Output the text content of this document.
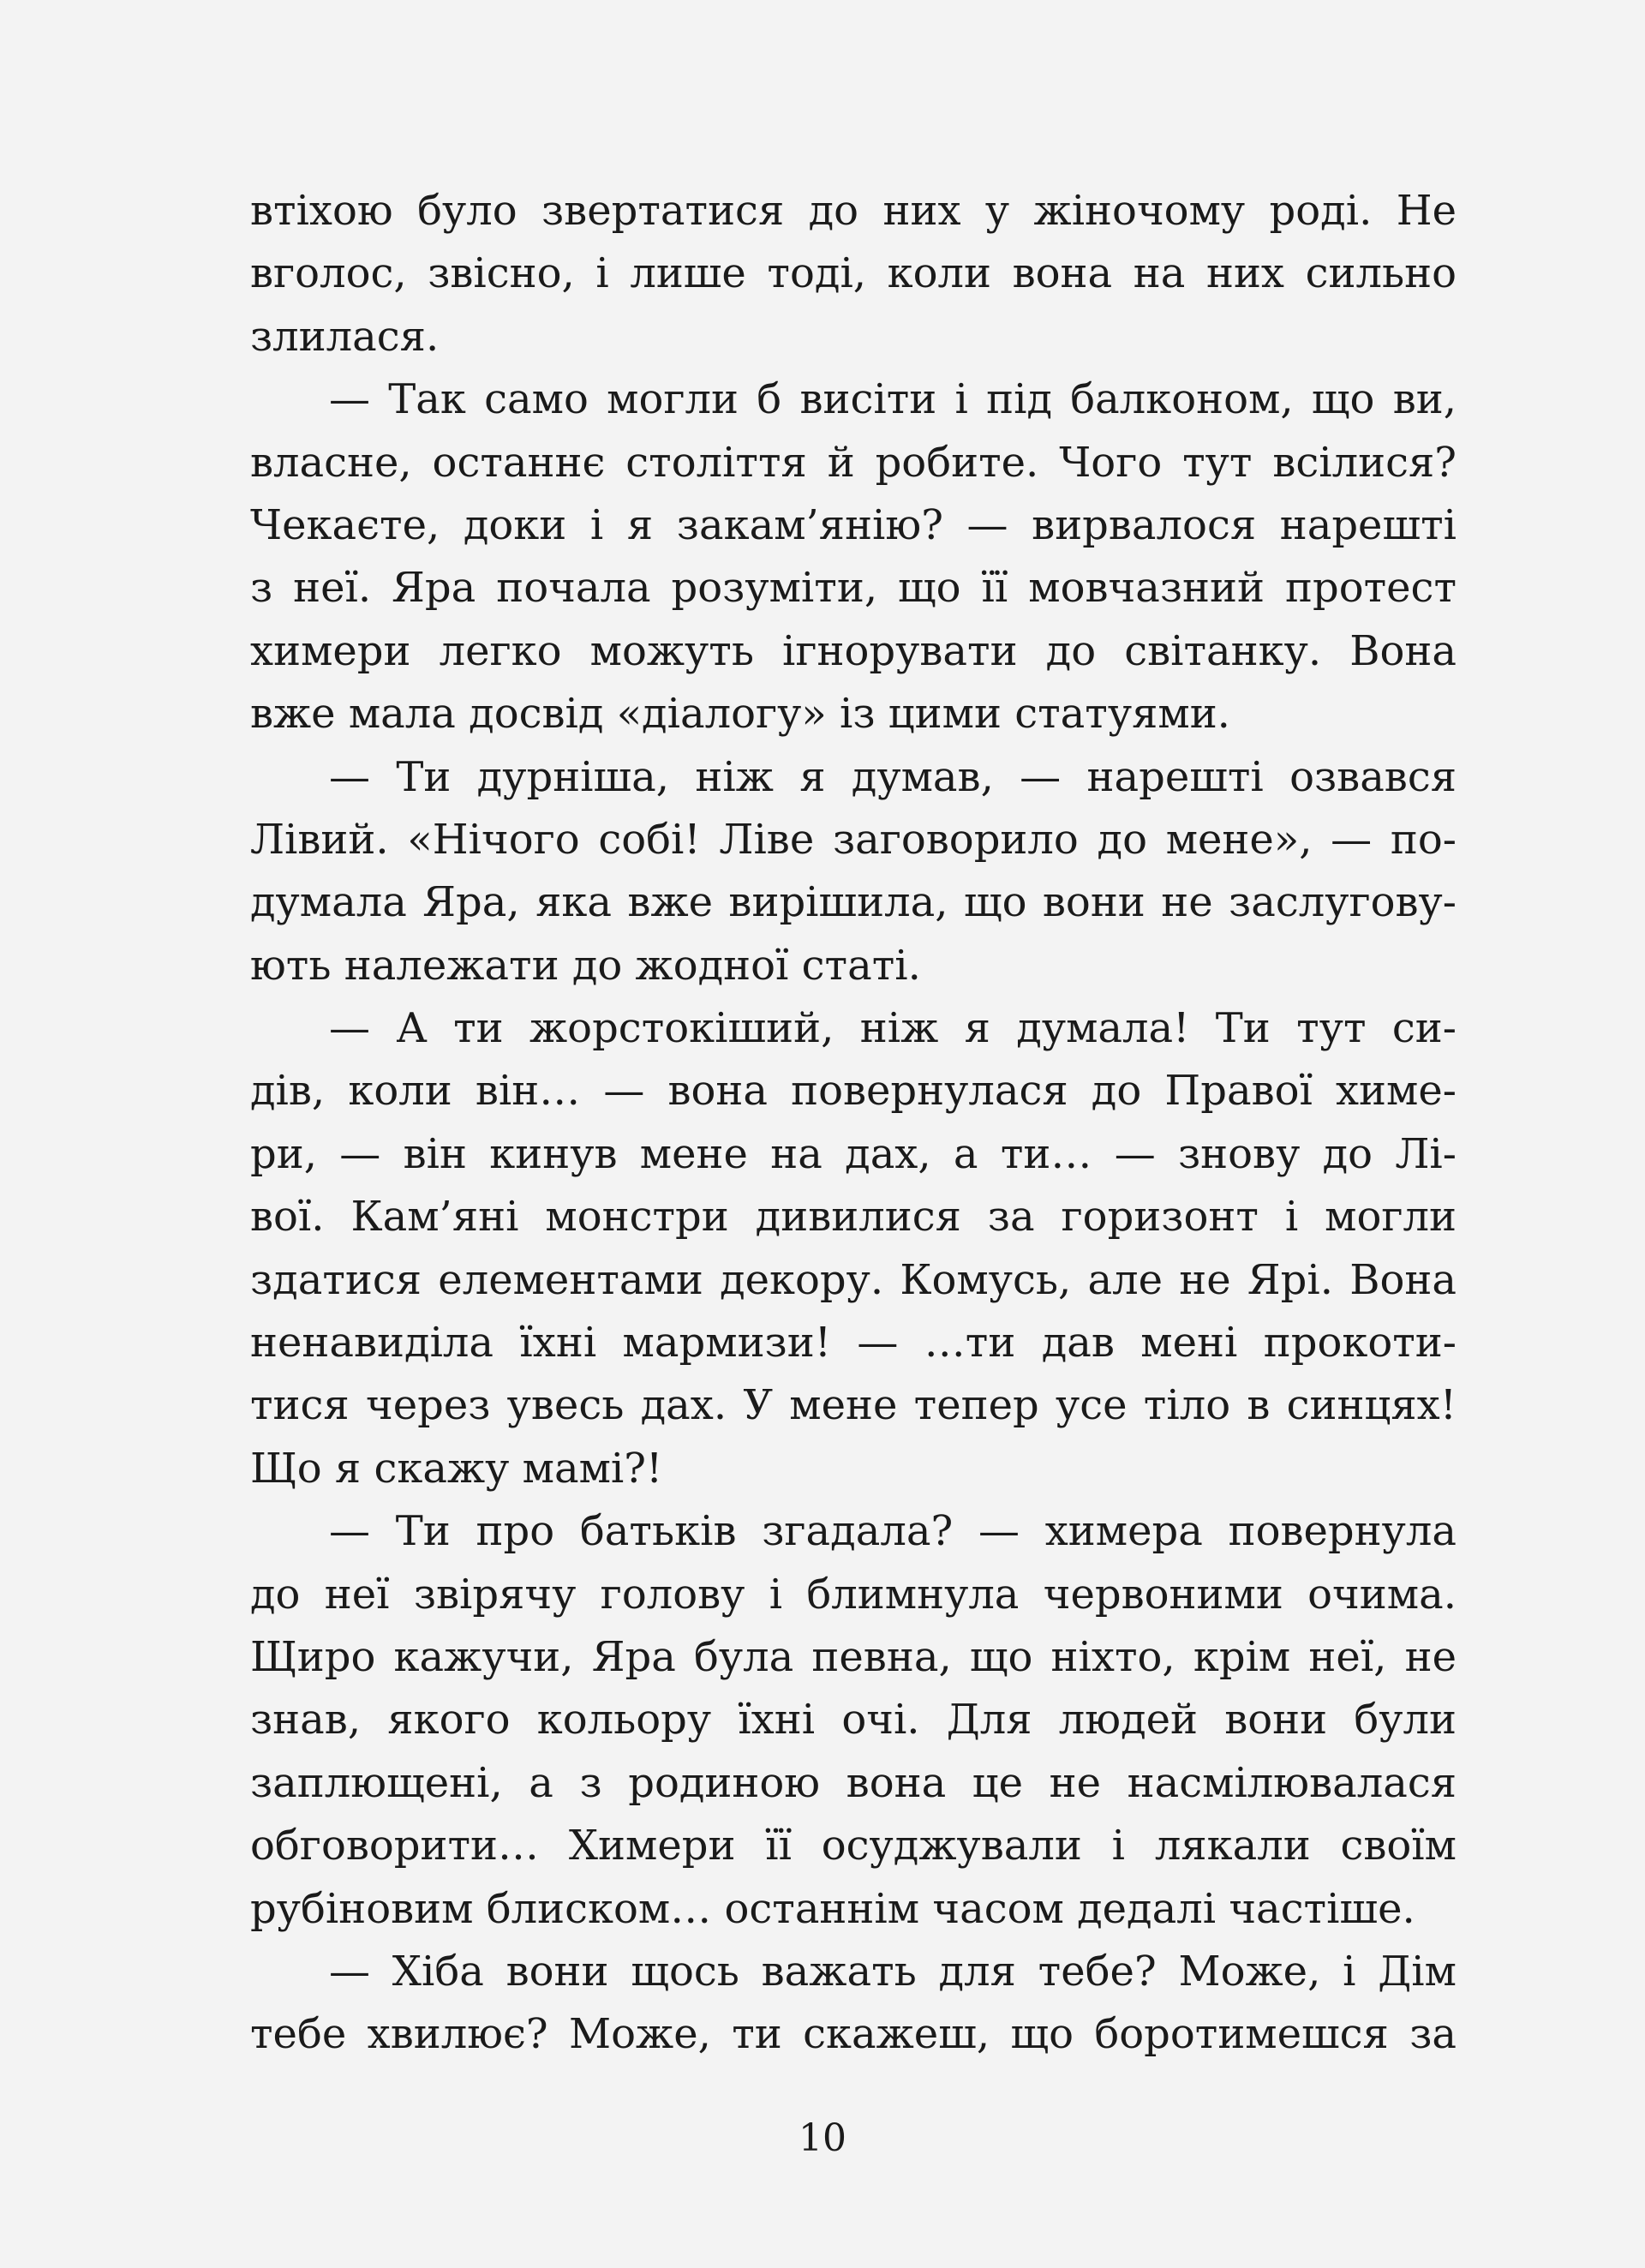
втіхою було звертатися до них у жіночому роді. Не
вголос, звісно, і лише тоді, коли вона на них сильно
злилася.
— Так само могли б висіти і під балконом, що ви,
власне, останнє століття й робите. Чого тут всілися?
Чекаєте, доки і я закам’янію? — вирвалося нарешті
з неї. Яра почала розуміти, що її мовчазний протест
химери легко можуть ігнорувати до світанку. Вона
вже мала досвід «діалогу» із цими статуями.
— Ти дурніша, ніж я думав, — нарешті озвався
Лівий. «Нічого собі! Ліве заговорило до мене», — по-
думала Яра, яка вже вирішила, що вони не заслугову-
ють належати до жодної статі.
— А ти жорстокіший, ніж я думала! Ти тут си-
дів, коли він… — вона повернулася до Правої химе-
ри, — він кинув мене на дах, а ти… — знову до Лі-
вої. Кам’яні монстри дивилися за горизонт і могли
здатися елементами декору. Комусь, але не Ярі. Вона
ненавиділа їхні мармизи! — …ти дав мені прокоти-
тися через увесь дах. У мене тепер усе тіло в синцях!
Що я скажу мамі?!
— Ти про батьків згадала? — химера повернула
до неї звірячу голову і блимнула червоними очима.
Щиро кажучи, Яра була певна, що ніхто, крім неї, не
знав, якого кольору їхні очі. Для людей вони були
заплющені, а з родиною вона це не насмілювалася
обговорити… Химери її осуджували і лякали своїм
рубіновим блиском… останнім часом дедалі частіше.
— Хіба вони щось важать для тебе? Може, і Дім
тебе хвилює? Може, ти скажеш, що боротимешся за
10
